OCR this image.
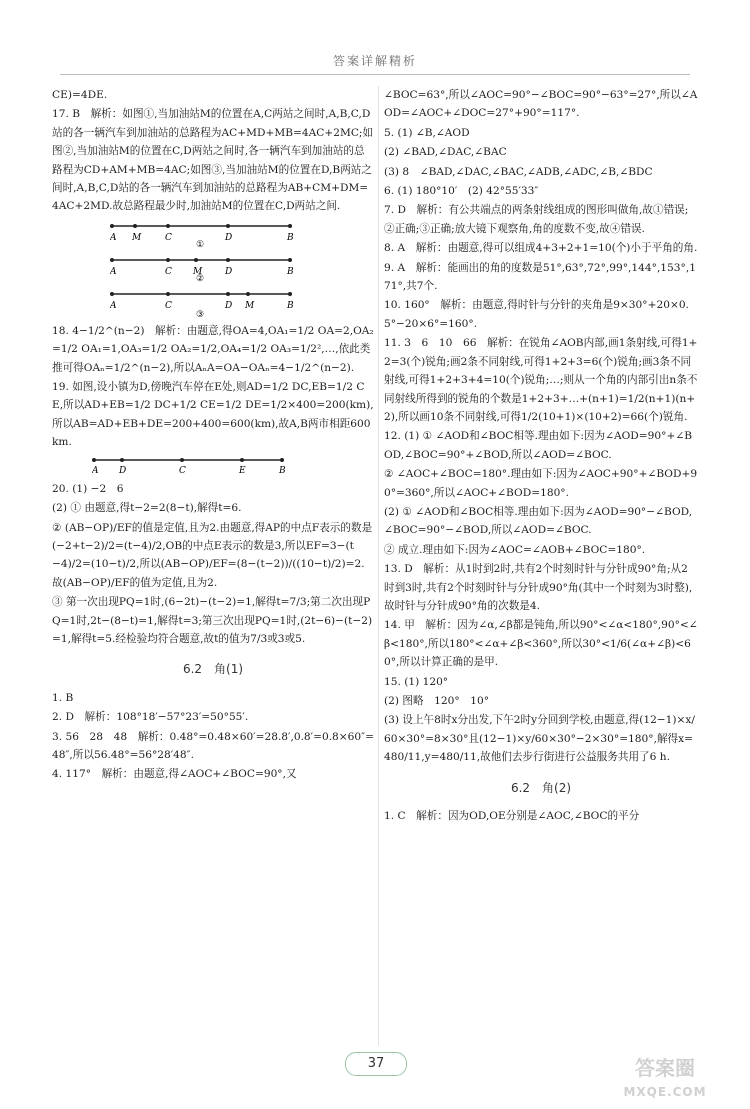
答案详解精析
CE)=4DE.
17. B　解析：如图①,当加油站M的位置在A,C两站之间时,A,B,C,D站的各一辆汽车到加油站的总路程为AC+MD+MB=4AC+2MC;如图②,当加油站M的位置在C,D两站之间时,各一辆汽车到加油站的总路程为CD+AM+MB=4AC;如图③,当加油站M的位置在D,B两站之间时,A,B,C,D站的各一辆汽车到加油站的总路程为AB+CM+DM=4AC+2MD.故总路程最少时,加油站M的位置在C,D两站之间.
A M	C	D	B
①
A	C M	D	B
②
A	C	D M	B
③
18. 4−1/2^(n−2)　解析：由题意,得OA=4,OA₁=1/2 OA=2,OA₂=1/2 OA₁=1,OA₃=1/2 OA₂=1/2,OA₄=1/2 OA₃=1/2²,…,依此类推可得OAₙ=1/2^(n−2),所以AₙA=OA−OAₙ=4−1/2^(n−2).
19. 如图,设小镇为D,傍晚汽车停在E处,则AD=1/2 DC,EB=1/2 CE,所以AD+EB=1/2 DC+1/2 CE=1/2 DE=1/2×400=200(km),所以AB=AD+EB+DE=200+400=600(km),故A,B两市相距600 km.
A D	C	E	B
20. (1) −2　6
(2) ① 由题意,得t−2=2(8−t),解得t=6.
② (AB−OP)/EF的值是定值,且为2.由题意,得AP的中点F表示的数是(−2+t−2)/2=(t−4)/2,OB的中点E表示的数是3,所以EF=3−(t−4)/2=(10−t)/2,所以(AB−OP)/EF=(8−(t−2))/((10−t)/2)=2.故(AB−OP)/EF的值为定值,且为2.
③ 第一次出现PQ=1时,(6−2t)−(t−2)=1,解得t=7/3;第二次出现PQ=1时,2t−(8−t)=1,解得t=3;第三次出现PQ=1时,(2t−6)−(t−2)=1,解得t=5.经检验均符合题意,故t的值为7/3或3或5.
6.2　角(1)
1. B
2. D　解析：108°18′−57°23′=50°55′.
3. 56　28　48　解析：0.48°=0.48×60′=28.8′,0.8′=0.8×60″=48″,所以56.48°=56°28′48″.
4. 117°　解析：由题意,得∠AOC+∠BOC=90°,又
∠BOC=63°,所以∠AOC=90°−∠BOC=90°−63°=27°,所以∠AOD=∠AOC+∠DOC=27°+90°=117°.
5. (1) ∠B,∠AOD
(2) ∠BAD,∠DAC,∠BAC
(3) 8　∠BAD,∠DAC,∠BAC,∠ADB,∠ADC,∠B,∠BDC
6. (1) 180°10′　(2) 42°55′33″
7. D　解析：有公共端点的两条射线组成的图形叫做角,故①错误;②正确;③正确;放大镜下观察角,角的度数不变,故④错误.
8. A　解析：由题意,得可以组成4+3+2+1=10(个)小于平角的角.
9. A　解析：能画出的角的度数是51°,63°,72°,99°,144°,153°,171°,共7个.
10. 160°　解析：由题意,得时针与分针的夹角是9×30°+20×0.5°−20×6°=160°.
11. 3　6　10　66　解析：在锐角∠AOB内部,画1条射线,可得1+2=3(个)锐角;画2条不同射线,可得1+2+3=6(个)锐角;画3条不同射线,可得1+2+3+4=10(个)锐角;…;则从一个角的内部引出n条不同射线所得到的锐角的个数是1+2+3+…+(n+1)=1/2(n+1)(n+2),所以画10条不同射线,可得1/2(10+1)×(10+2)=66(个)锐角.
12. (1) ① ∠AOD和∠BOC相等.理由如下:因为∠AOD=90°+∠BOD,∠BOC=90°+∠BOD,所以∠AOD=∠BOC.
② ∠AOC+∠BOC=180°.理由如下:因为∠AOC+90°+∠BOD+90°=360°,所以∠AOC+∠BOD=180°.
(2) ① ∠AOD和∠BOC相等.理由如下:因为∠AOD=90°−∠BOD,∠BOC=90°−∠BOD,所以∠AOD=∠BOC.
② 成立.理由如下:因为∠AOC=∠AOB+∠BOC=180°.
13. D　解析：从1时到2时,共有2个时刻时针与分针成90°角;从2时到3时,共有2个时刻时针与分针成90°角(其中一个时刻为3时整),故时针与分针成90°角的次数是4.
14. 甲　解析：因为∠α,∠β都是钝角,所以90°<∠α<180°,90°<∠β<180°,所以180°<∠α+∠β<360°,所以30°<1/6(∠α+∠β)<60°,所以计算正确的是甲.
15. (1) 120°
(2) 图略　120°　10°
(3) 设上午8时x分出发,下午2时y分回到学校,由题意,得(12−1)×x/60×30°=8×30°且(12−1)×y/60×30°−2×30°=180°,解得x=480/11,y=480/11,故他们去步行街进行公益服务共用了6 h.
6.2　角(2)
1. C　解析：因为OD,OE分别是∠AOC,∠BOC的平分
37	答案圈
MXQE.COM
